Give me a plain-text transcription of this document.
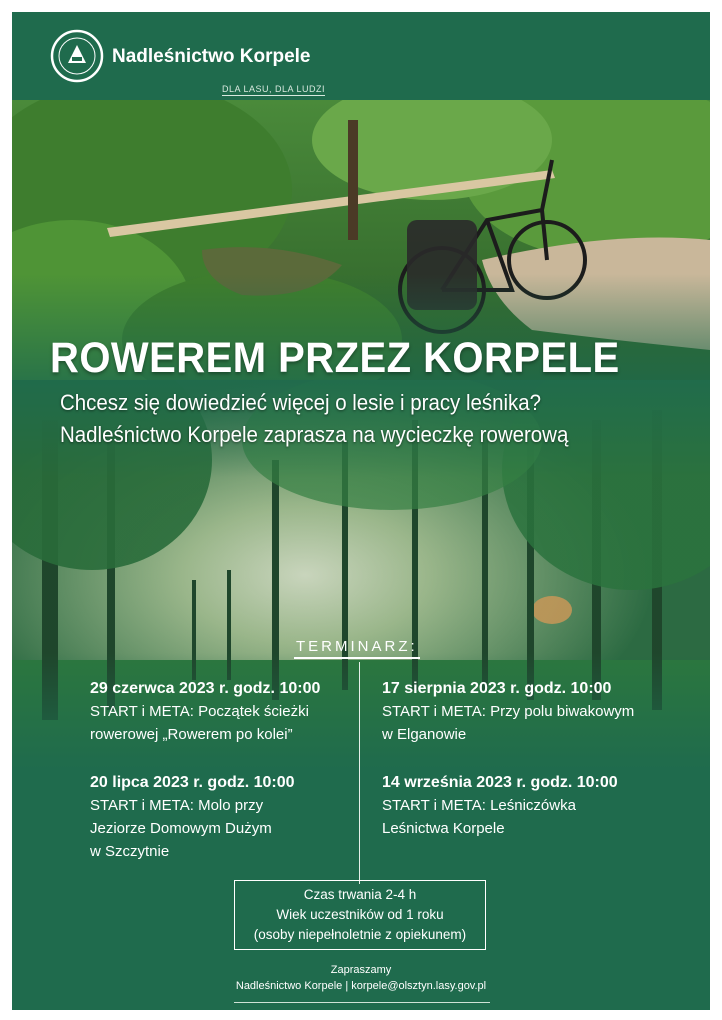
Nadleśnictwo Korpele
DLA LASU, DLA LUDZI
ROWEREM PRZEZ KORPELE
Chcesz się dowiedzieć więcej o lesie i pracy leśnika?
Nadleśnictwo Korpele zaprasza na wycieczkę rowerową
TERMINARZ:
29 czerwca 2023 r. godz. 10:00
START i META: Początek ścieżki
rowerowej „Rowerem po kolei”
17 sierpnia 2023 r. godz. 10:00
START i META: Przy polu biwakowym
w Elganowie
20 lipca 2023 r. godz. 10:00
START i META: Molo przy
Jeziorze Domowym Dużym
w Szczytnie
14 września 2023 r. godz. 10:00
START i META: Leśniczówka
Leśnictwa Korpele
Czas trwania 2-4 h
Wiek uczestników od 1 roku
(osoby niepełnoletnie z opiekunem)
Zapraszamy
Nadleśnictwo Korpele | korpele@olsztyn.lasy.gov.pl
